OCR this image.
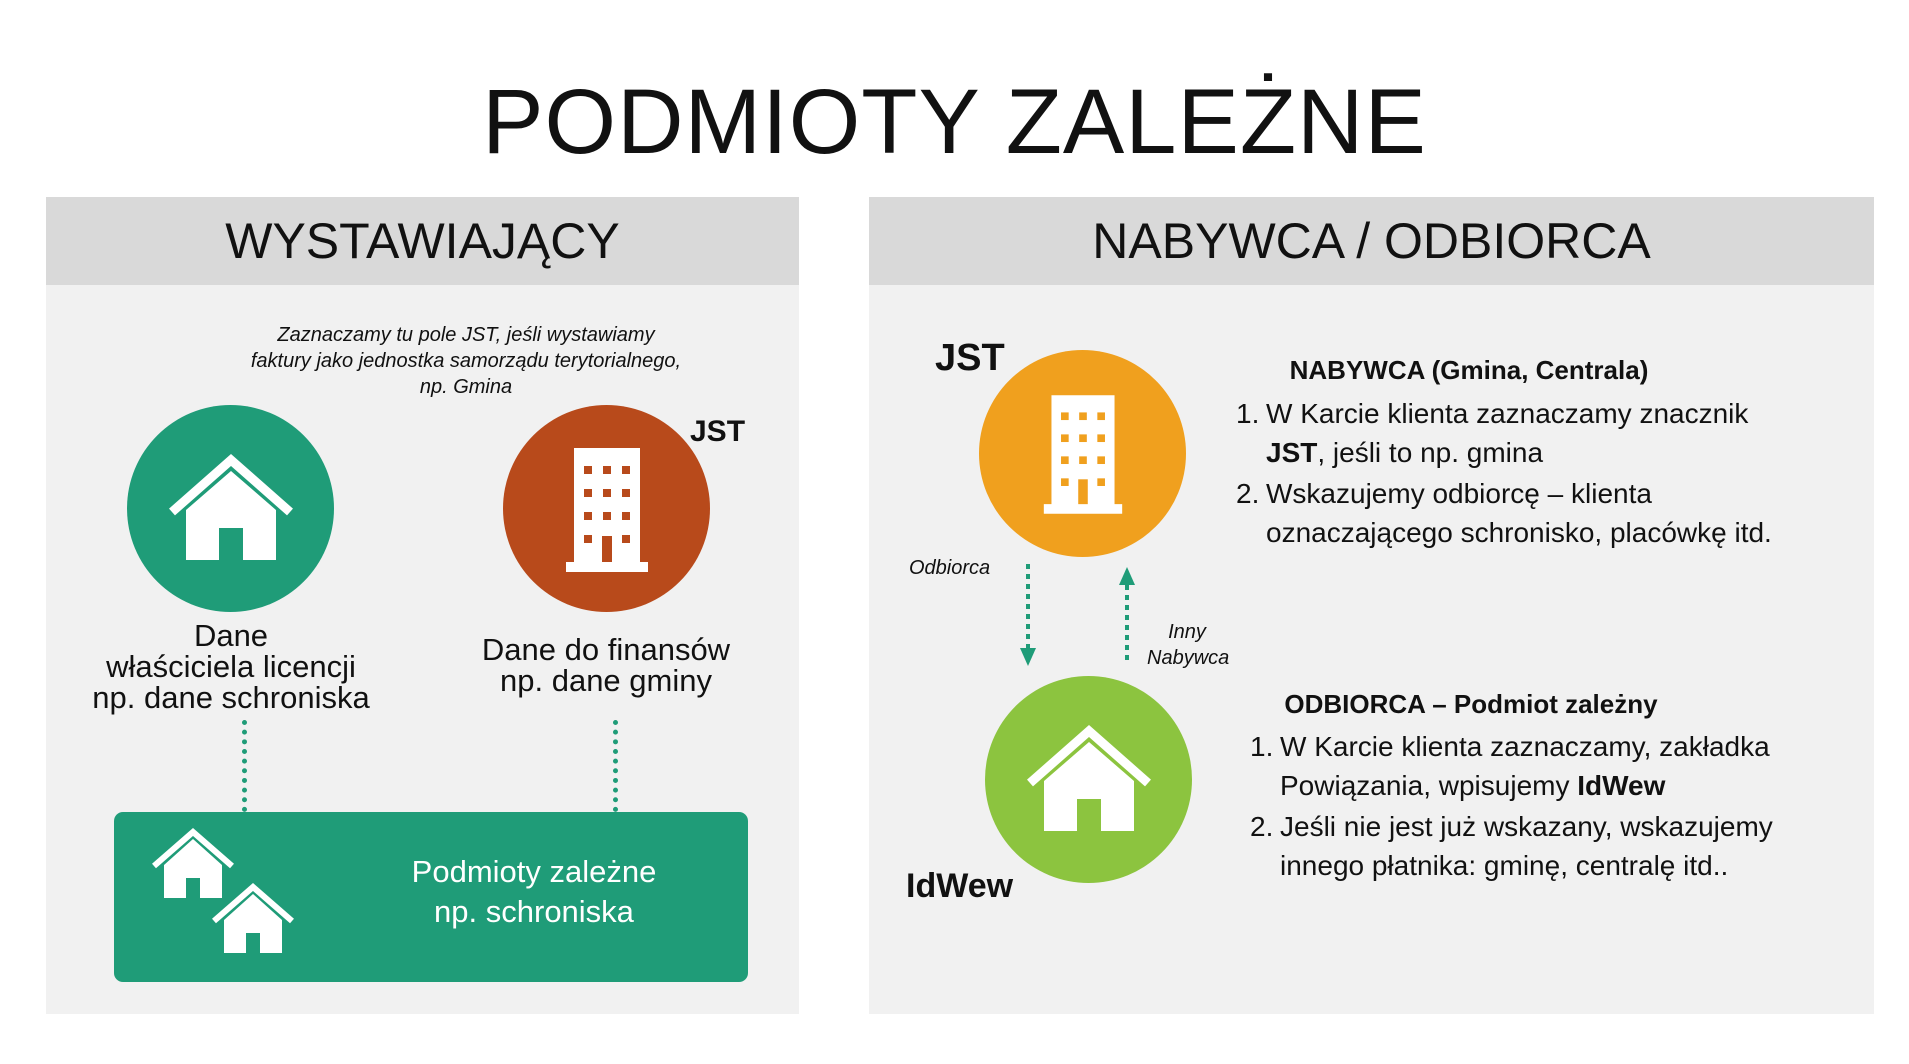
PODMIOTY ZALEŻNE
WYSTAWIAJĄCY
Zaznaczamy tu pole JST, jeśli wystawiamy faktury jako jednostka samorządu terytorialnego, np. Gmina
JST
Dane
właściciela licencji
np. dane schroniska
Dane do finansów
np. dane gminy
Podmioty zależne
np. schroniska
NABYWCA / ODBIORCA
JST
Odbiorca
Inny
Nabywca
IdWew
NABYWCA (Gmina, Centrala)
1. W Karcie klienta zaznaczamy znacznik
JST, jeśli to np. gmina
2. Wskazujemy odbiorcę – klienta oznaczającego schronisko, placówkę itd.
ODBIORCA – Podmiot zależny
1. W Karcie klienta zaznaczamy, zakładka Powiązania, wpisujemy IdWew
2. Jeśli nie jest już wskazany, wskazujemy innego płatnika: gminę, centralę itd..
